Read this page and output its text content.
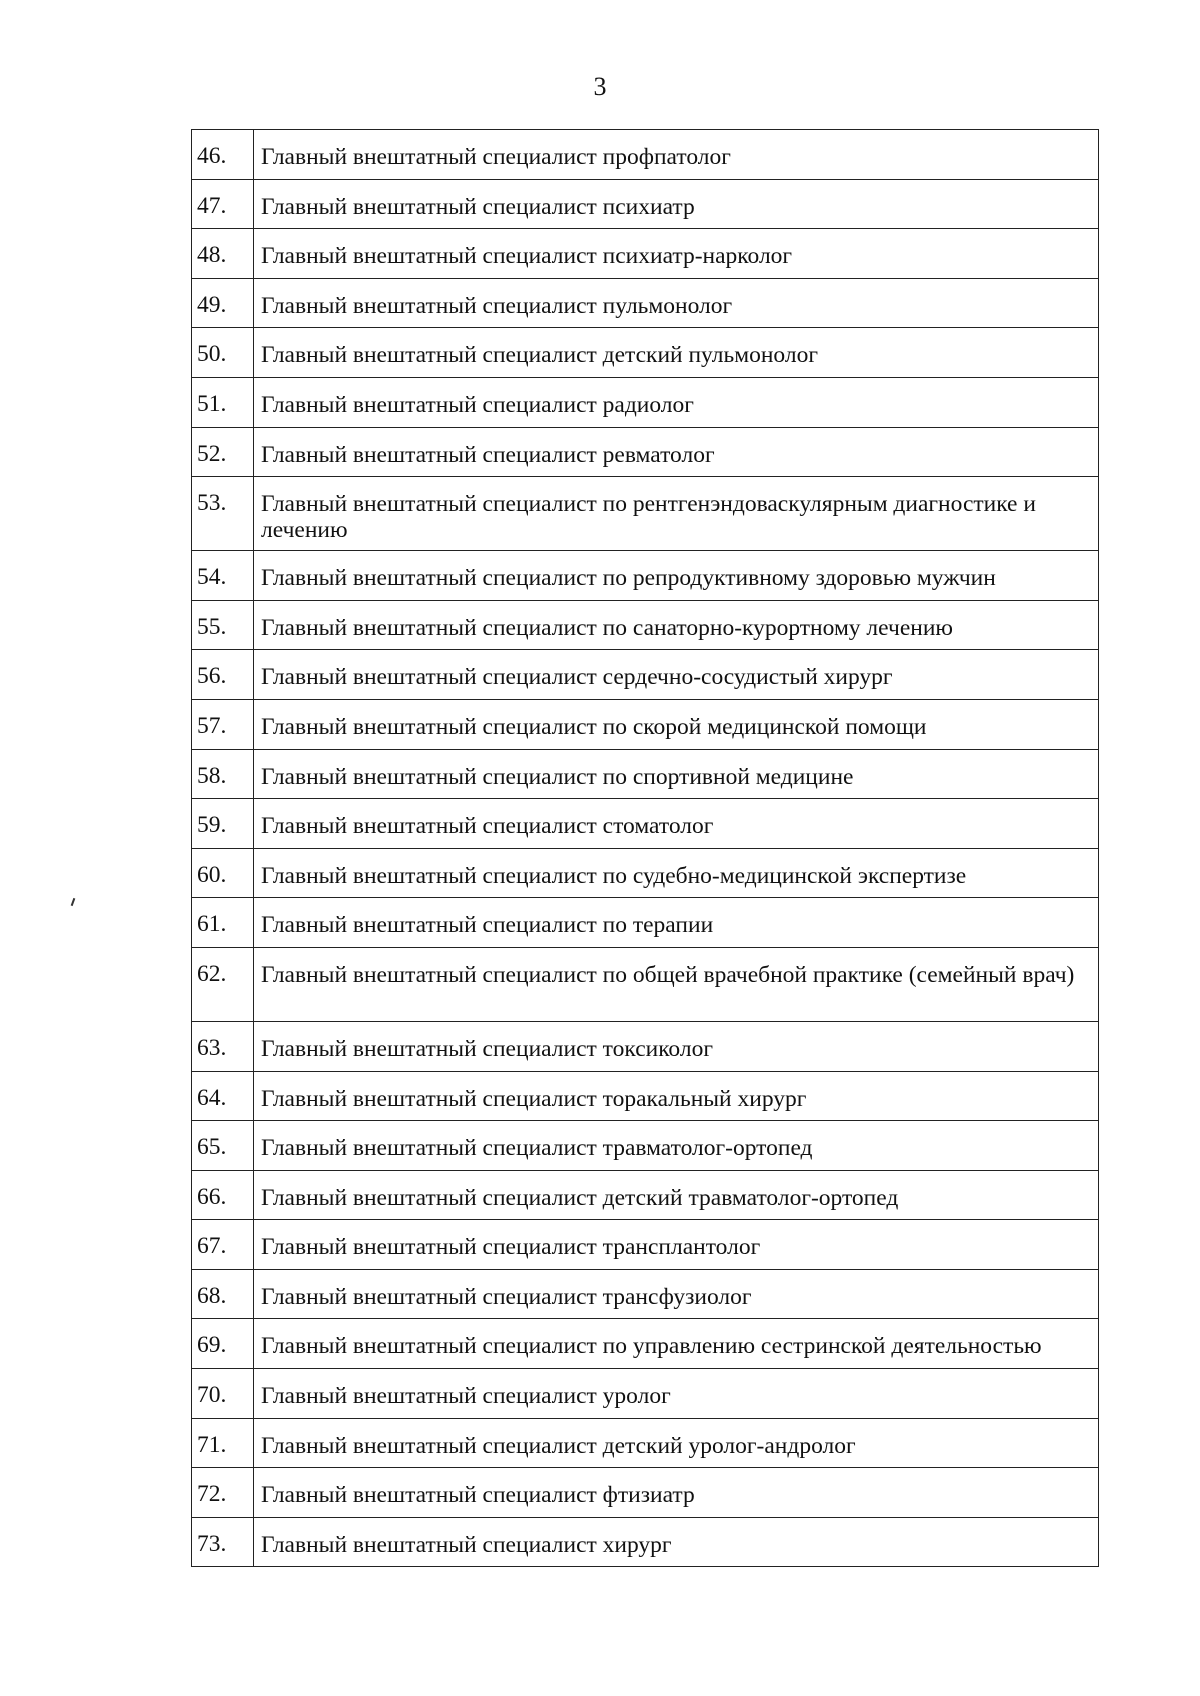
3
46.	Главный внештатный специалист профпатолог
47.	Главный внештатный специалист психиатр
48.	Главный внештатный специалист психиатр-нарколог
49.	Главный внештатный специалист пульмонолог
50.	Главный внештатный специалист детский пульмонолог
51.	Главный внештатный специалист радиолог
52.	Главный внештатный специалист ревматолог
53.	Главный внештатный специалист по рентгенэндоваскулярным диагностике и лечению
54.	Главный внештатный специалист по репродуктивному здоровью мужчин
55.	Главный внештатный специалист по санаторно-курортному лечению
56.	Главный внештатный специалист сердечно-сосудистый хирург
57.	Главный внештатный специалист по скорой медицинской помощи
58.	Главный внештатный специалист по спортивной медицине
59.	Главный внештатный специалист стоматолог
60.	Главный внештатный специалист по судебно-медицинской экспертизе
61.	Главный внештатный специалист по терапии
62.	Главный внештатный специалист по общей врачебной практике (семейный врач)
63.	Главный внештатный специалист токсиколог
64.	Главный внештатный специалист торакальный хирург
65.	Главный внештатный специалист травматолог-ортопед
66.	Главный внештатный специалист детский травматолог-ортопед
67.	Главный внештатный специалист трансплантолог
68.	Главный внештатный специалист трансфузиолог
69.	Главный внештатный специалист по управлению сестринской деятельностью
70.	Главный внештатный специалист уролог
71.	Главный внештатный специалист детский уролог-андролог
72.	Главный внештатный специалист фтизиатр
73.	Главный внештатный специалист хирург
